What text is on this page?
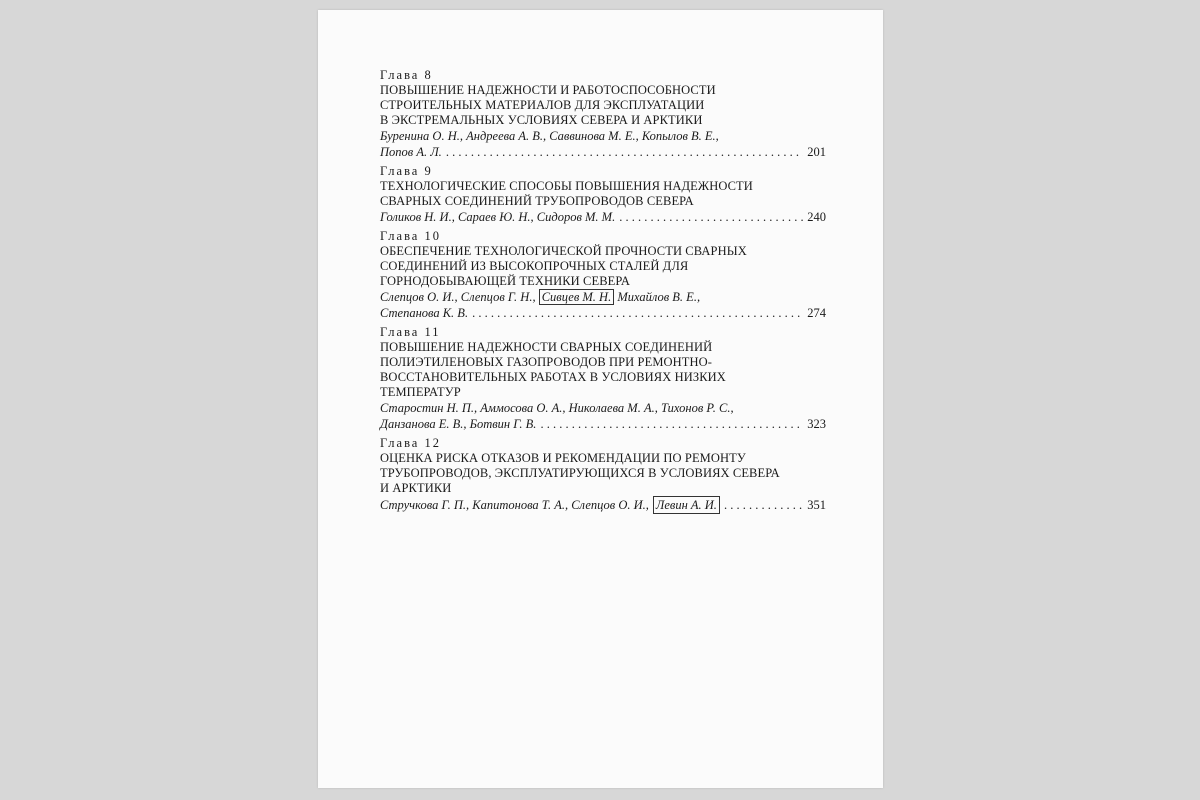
Глава 8
ПОВЫШЕНИЕ НАДЕЖНОСТИ И РАБОТОСПОСОБНОСТИ
СТРОИТЕЛЬНЫХ МАТЕРИАЛОВ ДЛЯ ЭКСПЛУАТАЦИИ
В ЭКСТРЕМАЛЬНЫХ УСЛОВИЯХ СЕВЕРА И АРКТИКИ
Буренина О. Н., Андреева А. В., Саввинова М. Е., Копылов В. Е.,
Попов А. Л. . . .	201
Глава 9
ТЕХНОЛОГИЧЕСКИЕ СПОСОБЫ ПОВЫШЕНИЯ НАДЕЖНОСТИ
СВАРНЫХ СОЕДИНЕНИЙ ТРУБОПРОВОДОВ СЕВЕРА
Голиков Н. И., Сараев Ю. Н., Сидоров М. М. . . .	240
Глава 10
ОБЕСПЕЧЕНИЕ ТЕХНОЛОГИЧЕСКОЙ ПРОЧНОСТИ СВАРНЫХ
СОЕДИНЕНИЙ ИЗ ВЫСОКОПРОЧНЫХ СТАЛЕЙ ДЛЯ
ГОРНОДОБЫВАЮЩЕЙ ТЕХНИКИ СЕВЕРА
Слепцов О. И., Слепцов Г. Н., Сивцев М. Н. Михайлов В. Е.,
Степанова К. В. . . .	274
Глава 11
ПОВЫШЕНИЕ НАДЕЖНОСТИ СВАРНЫХ СОЕДИНЕНИЙ
ПОЛИЭТИЛЕНОВЫХ ГАЗОПРОВОДОВ ПРИ РЕМОНТНО-
ВОССТАНОВИТЕЛЬНЫХ РАБОТАХ В УСЛОВИЯХ НИЗКИХ
ТЕМПЕРАТУР
Старостин Н. П., Аммосова О. А., Николаева М. А., Тихонов Р. С.,
Данзанова Е. В., Ботвин Г. В. . . .	323
Глава 12
ОЦЕНКА РИСКА ОТКАЗОВ И РЕКОМЕНДАЦИИ ПО РЕМОНТУ
ТРУБОПРОВОДОВ, ЭКСПЛУАТИРУЮЩИХСЯ В УСЛОВИЯХ СЕВЕРА
И АРКТИКИ
Стручкова Г. П., Капитонова Т. А., Слепцов О. И., Левин А. И. . . .	351
